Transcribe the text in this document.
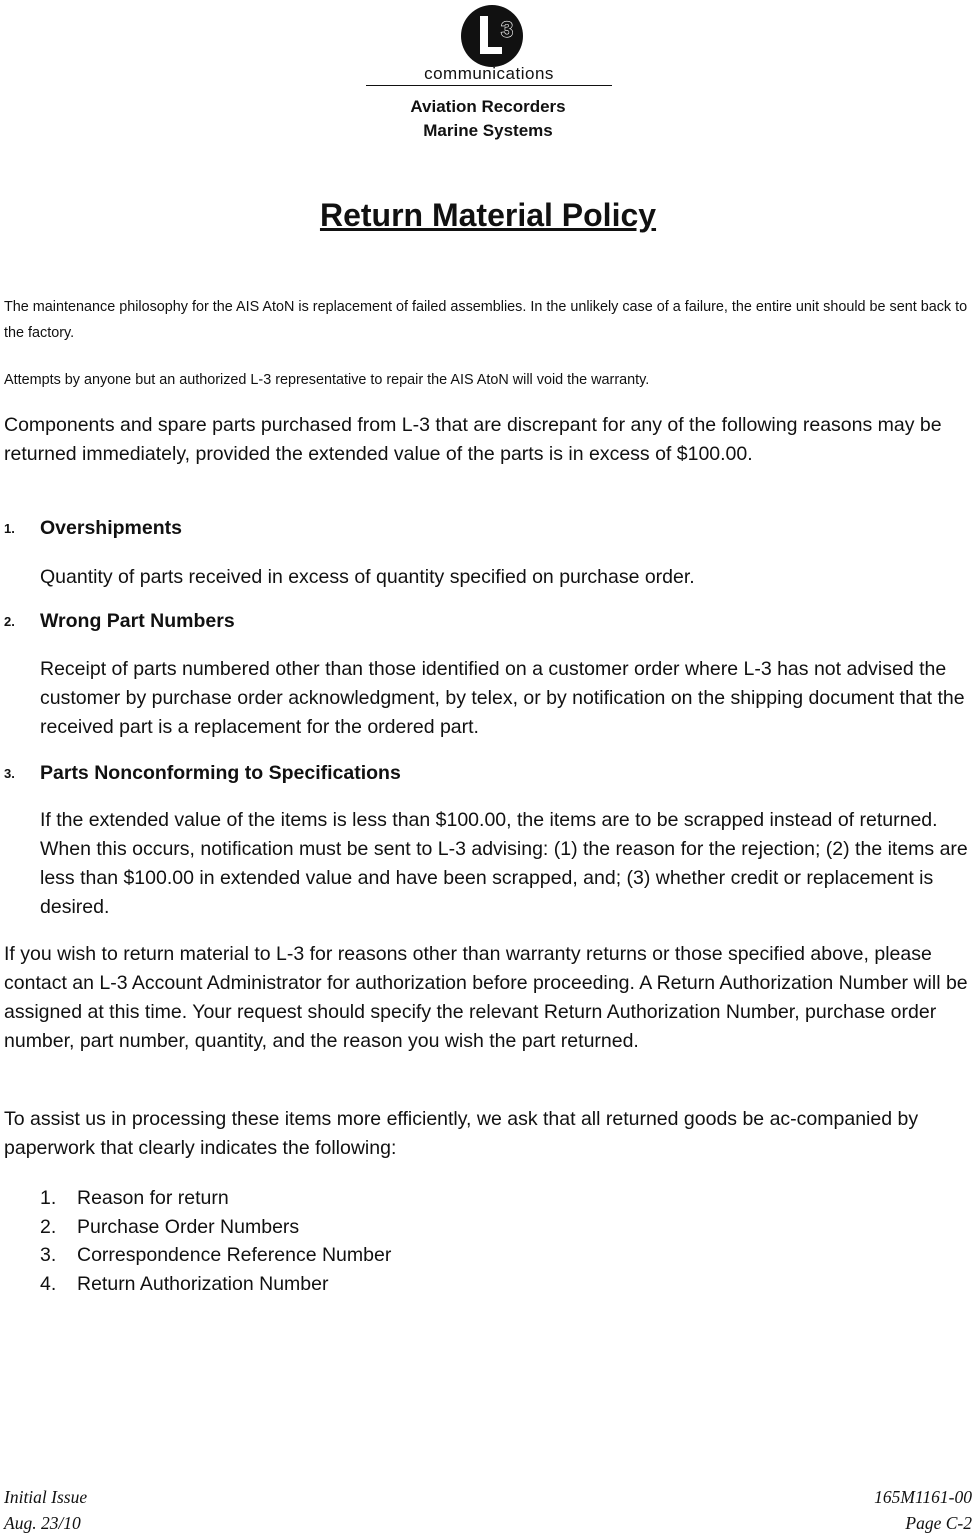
3
communications
Aviation Recorders
Marine Systems
Return Material Policy
The maintenance philosophy for the AIS AtoN is replacement of failed assemblies. In the unlikely case of a failure, the entire unit should be sent back to the factory.
Attempts by anyone but an authorized L-3 representative to repair the AIS AtoN will void the warranty.
Components and spare parts purchased from L-3 that are discrepant for any of the following reasons may be returned immediately, provided the extended value of the parts is in excess of $100.00.
1. Overshipments
Quantity of parts received in excess of quantity specified on purchase order.
2. Wrong Part Numbers
Receipt of parts numbered other than those identified on a customer order where L-3 has not advised the customer by purchase order acknowledgment, by telex, or by notification on the shipping document that the received part is a replacement for the ordered part.
3. Parts Nonconforming to Specifications
If the extended value of the items is less than $100.00, the items are to be scrapped instead of returned. When this occurs, notification must be sent to L-3 advising: (1) the reason for the rejection; (2) the items are less than $100.00 in extended value and have been scrapped, and; (3) whether credit or replacement is desired.
If you wish to return material to L-3 for reasons other than warranty returns or those specified above, please contact an L-3 Account Administrator for authorization before proceeding. A Return Authorization Number will be assigned at this time. Your request should specify the relevant Return Authorization Number, purchase order number, part number, quantity, and the reason you wish the part returned.
To assist us in processing these items more efficiently, we ask that all returned goods be ac-companied by paperwork that clearly indicates the following:
1. Reason for return
2. Purchase Order Numbers
3. Correspondence Reference Number
4. Return Authorization Number
Initial Issue
Aug. 23/10
165M1161-00
Page C-2
